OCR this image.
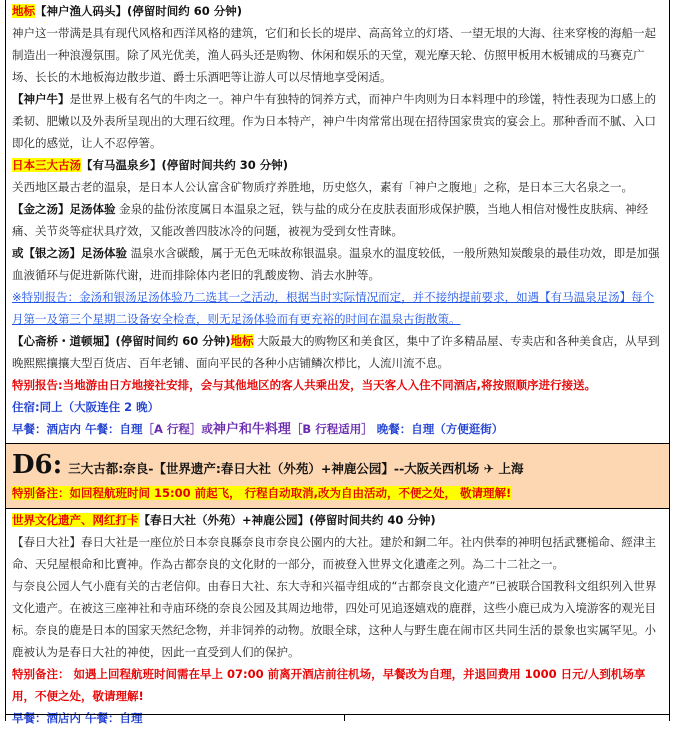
地标【神户渔人码头】(停留时间约 60 分钟)

神户这一带满是具有现代风格和西洋风格的建筑，它们和长长的堤岸、高高耸立的灯塔、一望无垠的大海、往来穿梭的海船一起制造出一种浪漫氛围。除了风光优美，渔人码头还是购物、休闲和娱乐的天堂，观光摩天轮、仿照甲板用木板铺成的马赛克广场、长长的木地板海边散步道、爵士乐酒吧等让游人可以尽情地享受闲适。

【神户牛】是世界上极有名气的牛肉之一。神户牛有独特的饲养方式，而神户牛肉则为日本料理中的珍馐，特性表现为口感上的柔韧、肥嫩以及外表所呈现出的大理石纹理。作为日本特产，神户牛肉常常出现在招待国家贵宾的宴会上。那种香而不腻、入口即化的感觉，让人不忍停箸。

日本三大古汤【有马温泉乡】(停留时间共约 30 分钟)

关西地区最古老的温泉，是日本人公认富含矿物质疗养胜地，历史悠久，素有「神户之腹地」之称，是日本三大名泉之一。

【金之汤】足汤体验 金泉的盐份浓度属日本温泉之冠，铁与盐的成分在皮肤表面形成保护膜，当地人相信对慢性皮肤病、神经痛、关节炎等症状具疗效，又能改善四肢冰冷的问题，被视为受到女性青睐。

或【银之汤】足汤体验 温泉水含碳酸，属于无色无味故称银温泉。温泉水的温度较低，一般所熟知炭酸泉的最佳功效，即是加强血液循环与促进新陈代谢，进而排除体内老旧的乳酸废物、消去水肿等。

※特别报告：金汤和银汤足汤体验乃二选其一之活动，根据当时实际情况而定，并不接纳提前要求，如遇【有马温泉足汤】每个月第一及第三个星期二设备安全检查，则无足汤体验而有更充裕的时间在温泉古街散策。

【心斋桥・道顿堀】(停留时间约 60 分钟)地标 大阪最大的购物区和美食区，集中了许多精品屋、专卖店和各种美食店，从早到晚熙熙攘攘大型百货店、百年老铺、面向平民的各种小店铺鳞次栉比，人流川流不息。

特别报告:当地游由日方地接社安排，会与其他地区的客人共乘出发，当天客人入住不同酒店,将按照顺序进行接送。

住宿:同上（大阪连住 2 晚）

早餐：酒店内 午餐：自理［A 行程］或神户和牛料理［B 行程适用］ 晚餐：自理（方便逛街）

D6: 三大古都:奈良-【世界遗产:春日大社（外苑）+神鹿公园】--大阪关西机场 ✈ 上海

特别备注：如回程航班时间 15:00 前起飞， 行程自动取消,改为自由活动，不便之处， 敬请理解!

世界文化遗产、网红打卡【春日大社（外苑）+神鹿公园】(停留时间共约 40 分钟)

【春日大社】春日大社是一座位於日本奈良縣奈良市奈良公園内的大社。建於和銅二年。社内供奉的神明包括武甕槌命、經津主命、天兒屋根命和比賣神。作為古都奈良的文化財的一部分，而被登入世界文化遺產之列。為二十二社之一。

与奈良公园人气小鹿有关的古老信仰。由春日大社、东大寺和兴福寺组成的“古都奈良文化遗产”已被联合国教科文组织列入世界文化遗产。在被这三座神社和寺庙环绕的奈良公园及其周边地带，四处可见追逐嬉戏的鹿群，这些小鹿已成为入境游客的观光目标。奈良的鹿是日本的国家天然纪念物，并非饲养的动物。放眼全球，这种人与野生鹿在闹市区共同生活的景象也实属罕见。小鹿被认为是春日大社的神使，因此一直受到人们的保护。

特别备注： 如遇上回程航班时间需在早上 07:00 前离开酒店前往机场，早餐改为自理，并退回费用 1000 日元/人到机场享用，不便之处，敬请理解!

早餐：酒店内 午餐：自理
